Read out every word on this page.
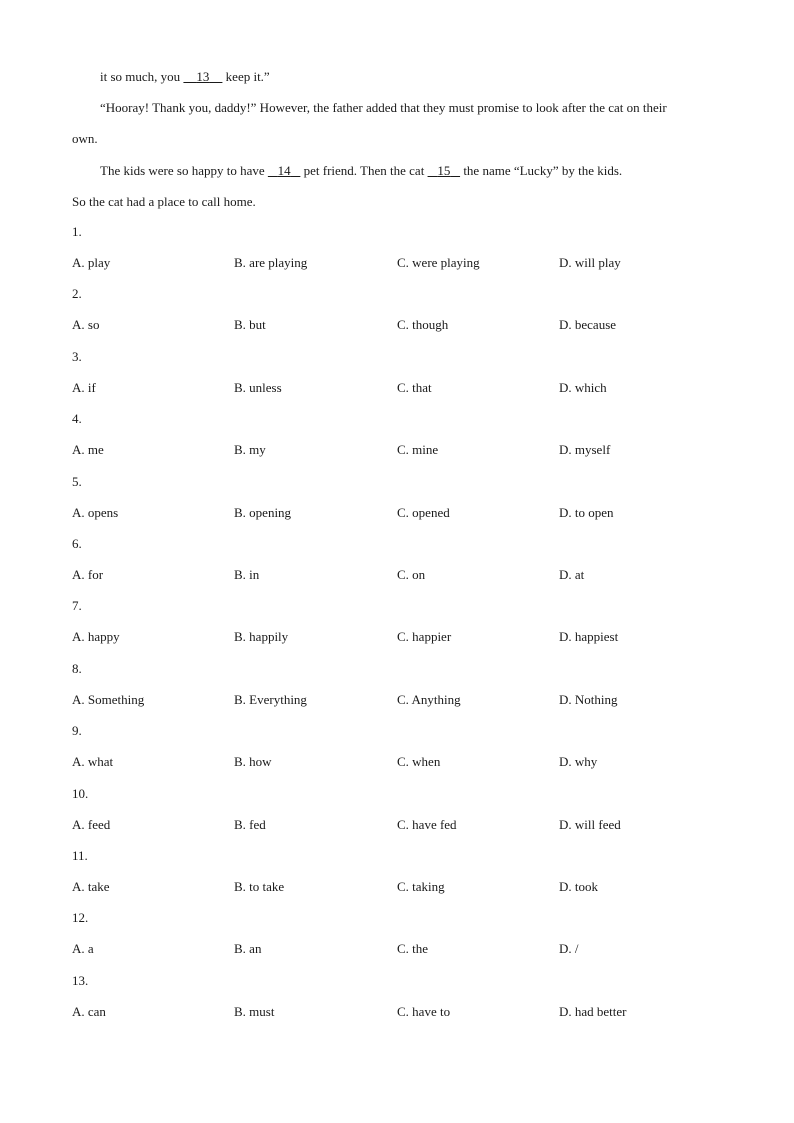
it so much, you     13     keep it.”

“Hooray! Thank you, daddy!” However, the father added that they must promise to look after the cat on their
own.

The kids were so happy to have    14    pet friend. Then the cat    15    the name “Lucky” by the kids.
So the cat had a place to call home.

1.
A. play	B. are playing	C. were playing	D. will play
2.
A. so	B. but	C. though	D. because
3.
A. if	B. unless	C. that	D. which
4.
A. me	B. my	C. mine	D. myself
5.
A. opens	B. opening	C. opened	D. to open
6.
A. for	B. in	C. on	D. at
7.
A. happy	B. happily	C. happier	D. happiest
8.
A. Something	B. Everything	C. Anything	D. Nothing
9.
A. what	B. how	C. when	D. why
10.
A. feed	B. fed	C. have fed	D. will feed
11.
A. take	B. to take	C. taking	D. took
12.
A. a	B. an	C. the	D. /
13.
A. can	B. must	C. have to	D. had better
